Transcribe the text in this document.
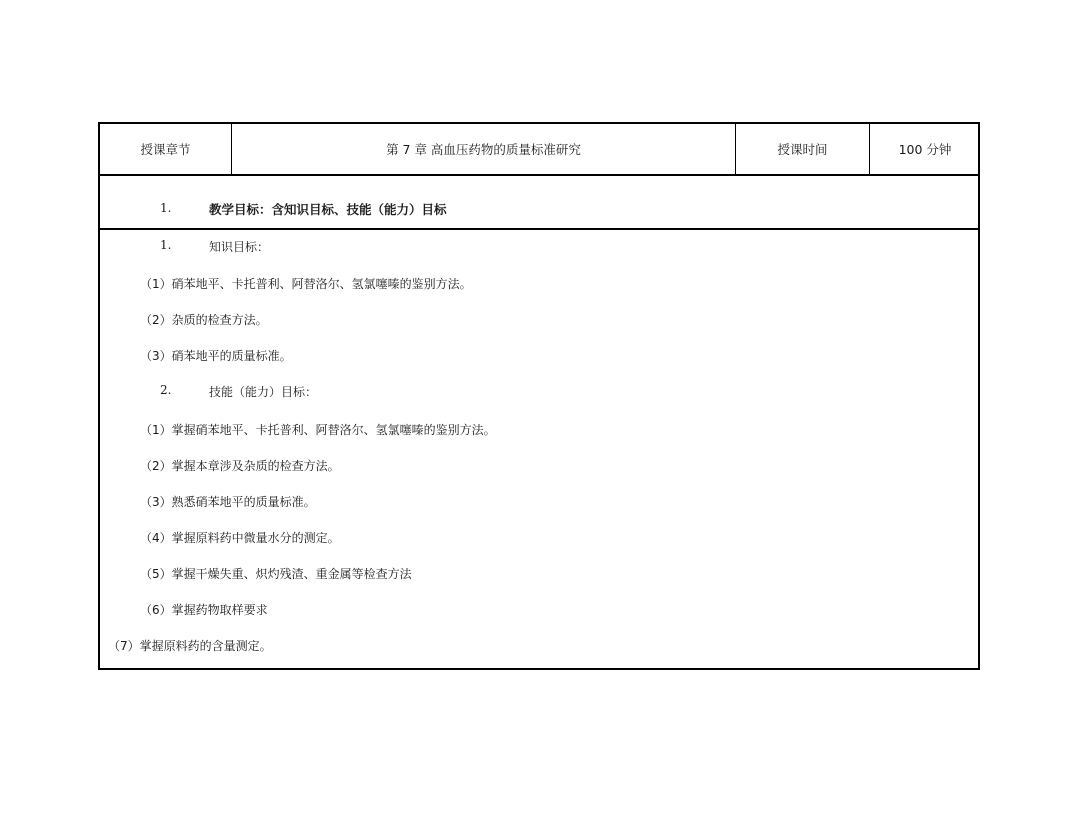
授课章节	第 7 章 高血压药物的质量标准研究	授课时间	100 分钟
1.	教学目标：含知识目标、技能（能力）目标
1.	知识目标：
（1）硝苯地平、卡托普利、阿替洛尔、氢氯噻嗪的鉴别方法。
（2）杂质的检查方法。
（3）硝苯地平的质量标准。
2.	技能（能力）目标：
（1）掌握硝苯地平、卡托普利、阿替洛尔、氢氯噻嗪的鉴别方法。
（2）掌握本章涉及杂质的检查方法。
（3）熟悉硝苯地平的质量标准。
（4）掌握原料药中微量水分的测定。
（5）掌握干燥失重、炽灼残渣、重金属等检查方法
（6）掌握药物取样要求
（7）掌握原料药的含量测定。
